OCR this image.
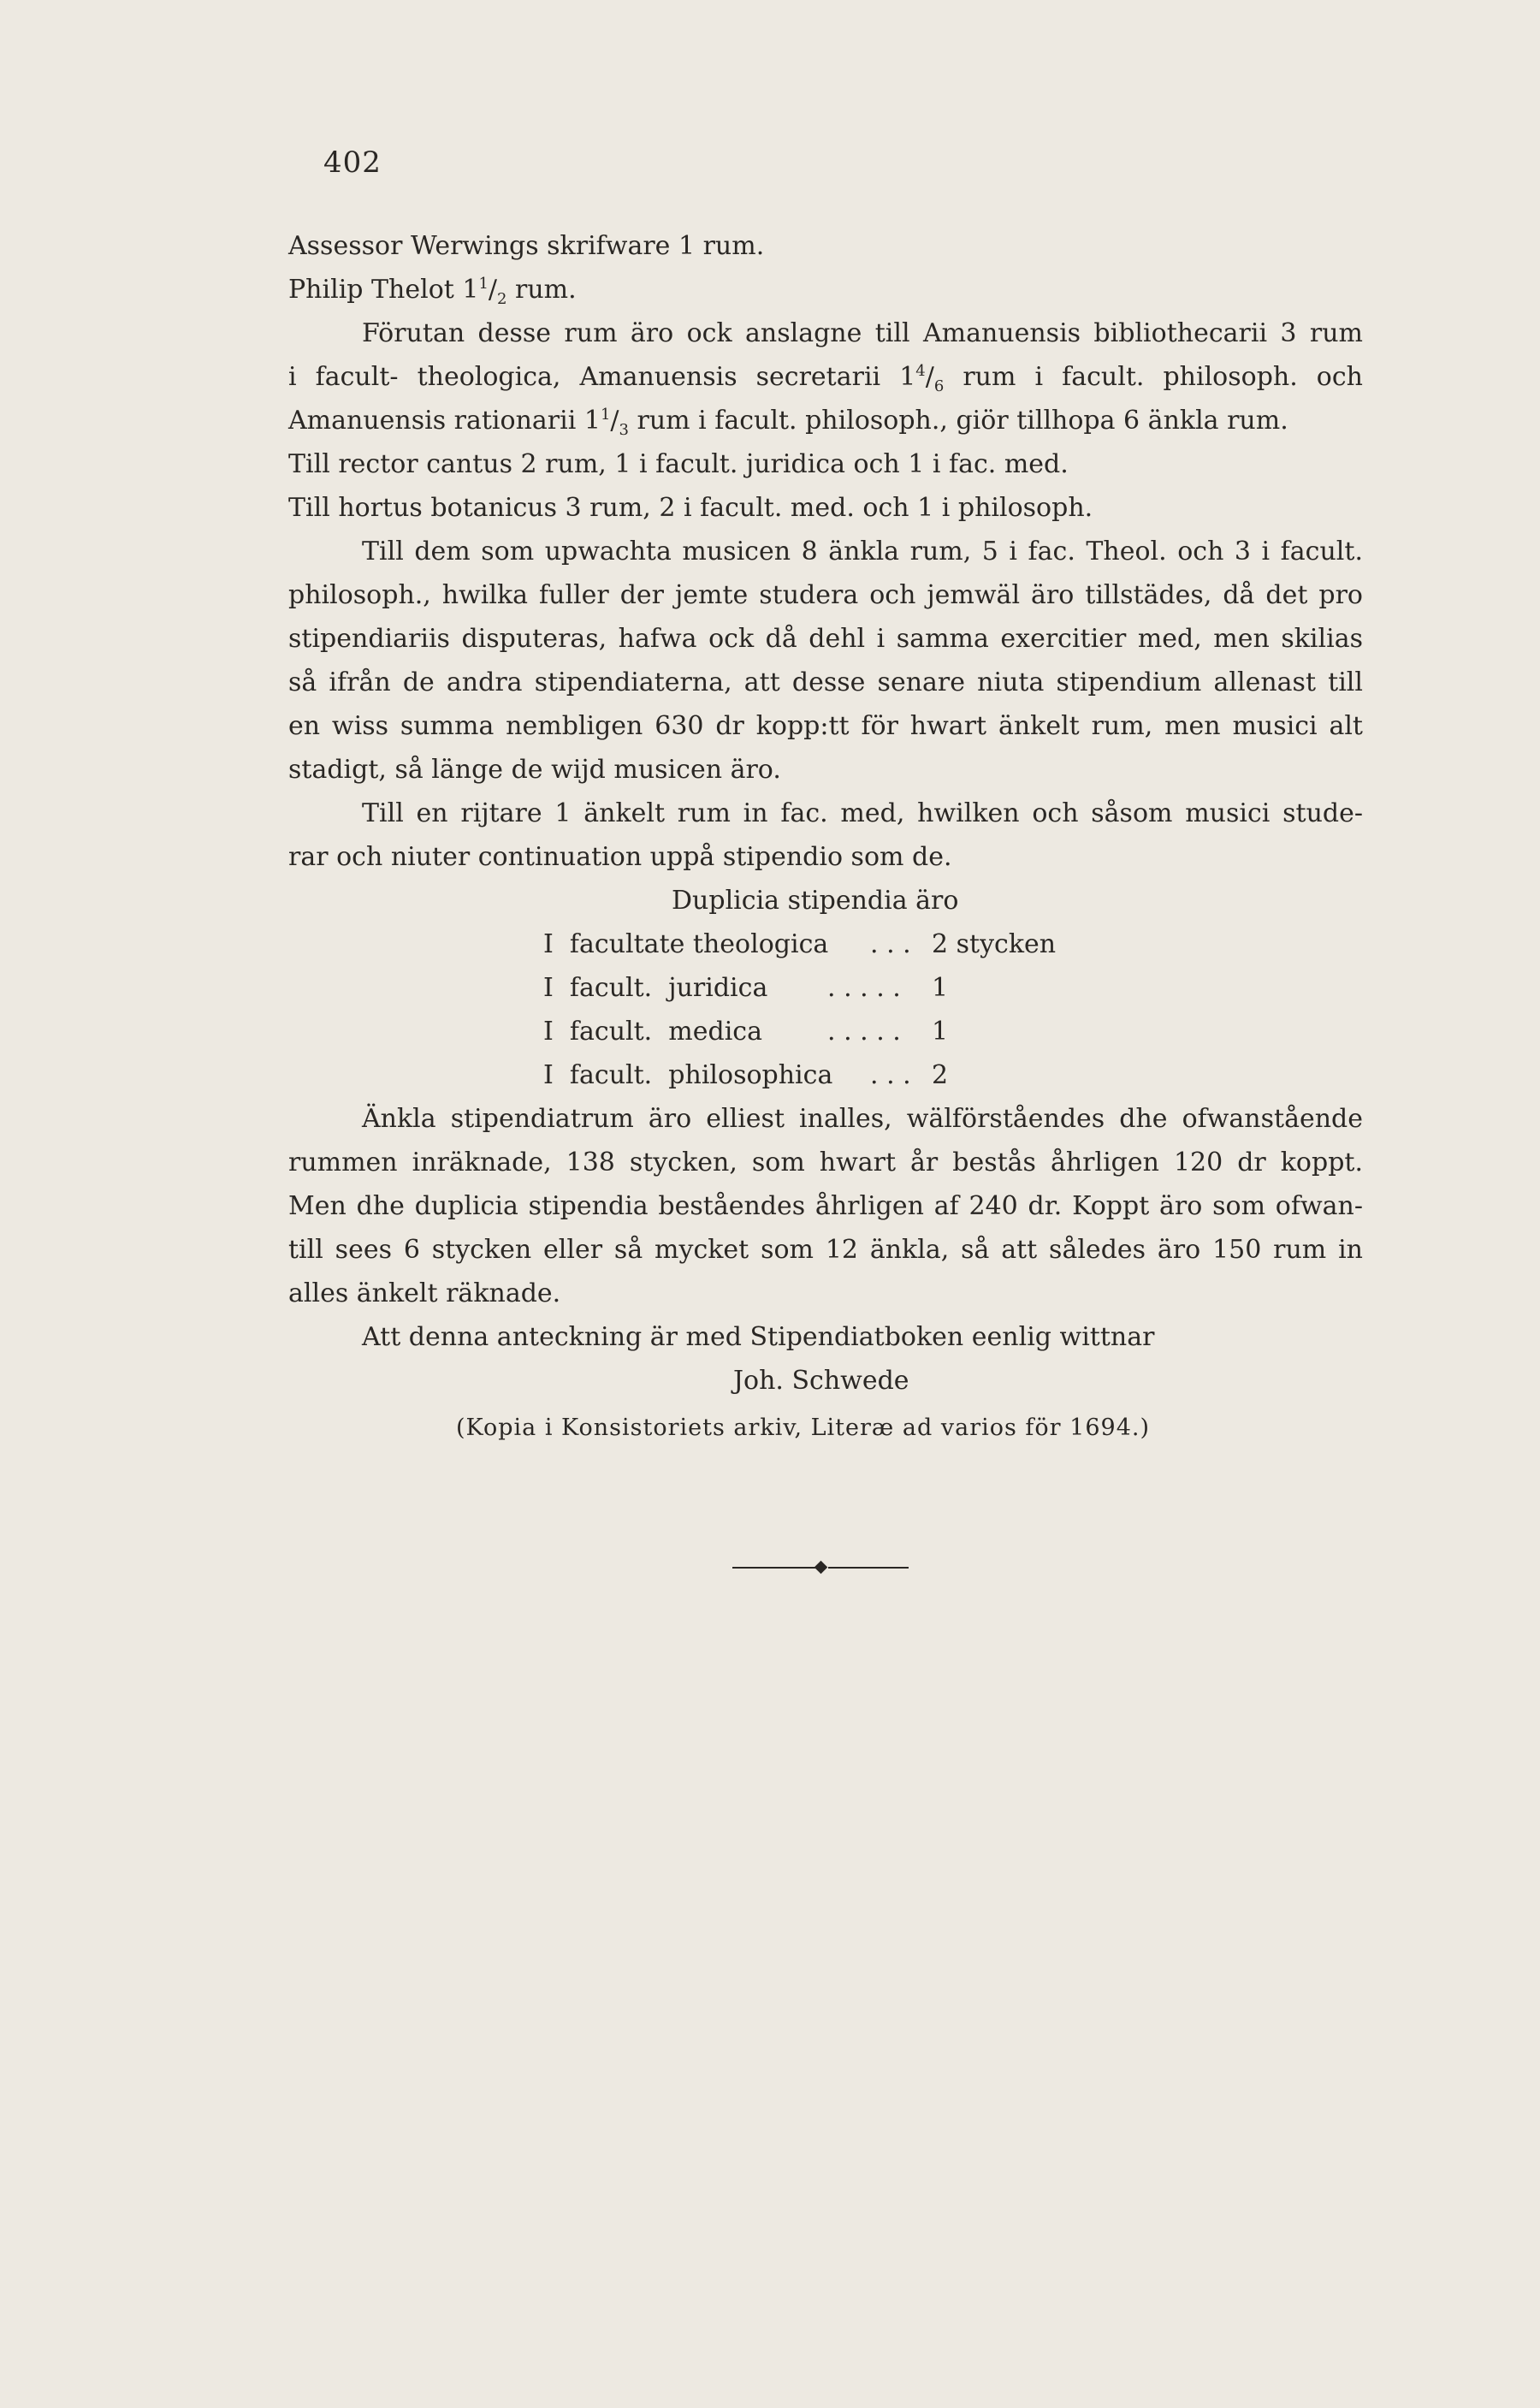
402
Assessor Werwings skrifware 1 rum.
Philip Thelot $1^1/_2$ rum.
Förutan desse rum äro ock anslagne till Amanuensis bibliothecarii 3 rum
i facult- theologica, Amanuensis secretarii $1^4/_6$ rum i facult. philosoph. och
Amanuensis rationarii $1^1/_3$ rum i facult. philosoph., giör tillhopa 6 änkla rum.
Till rector cantus 2 rum, 1 i facult. juridica och 1 i fac. med.
Till hortus botanicus 3 rum, 2 i facult. med. och 1 i philosoph.
Till dem som upwachta musicen 8 änkla rum, 5 i fac. Theol. och 3 i facult.
philosoph., hwilka fuller der jemte studera och jemwäl äro tillstädes, då det pro
stipendiariis disputeras, hafwa ock då dehl i samma exercitier med, men skilias
så ifrån de andra stipendiaterna, att desse senare niuta stipendium allenast till
en wiss summa nembligen 630 dr kopp:tt för hwart änkelt rum, men musici alt
stadigt, så länge de wijd musicen äro.
Till en rijtare 1 änkelt rum in fac. med, hwilken och såsom musici stude-
rar och niuter continuation uppå stipendio som de.
Duplicia stipendia äro
I  facultate theologica . . . 2 stycken
I  facult.  juridica . . . . . 1
I  facult.  medica	. . . . . 1
I  facult.  philosophica . . . 2
Änkla stipendiatrum äro elliest inalles, wälförståendes dhe ofwanstående
rummen inräknade, 138 stycken, som hwart år bestås åhrligen 120 dr koppt.
Men dhe duplicia stipendia beståendes åhrligen af 240 dr. Koppt äro som ofwan-
till sees 6 stycken eller så mycket som 12 änkla, så att således äro 150 rum in
alles änkelt räknade.
Att denna anteckning är med Stipendiatboken eenlig wittnar
Joh. Schwede
(Kopia i Konsistoriets arkiv, Literæ ad varios för 1694.)
